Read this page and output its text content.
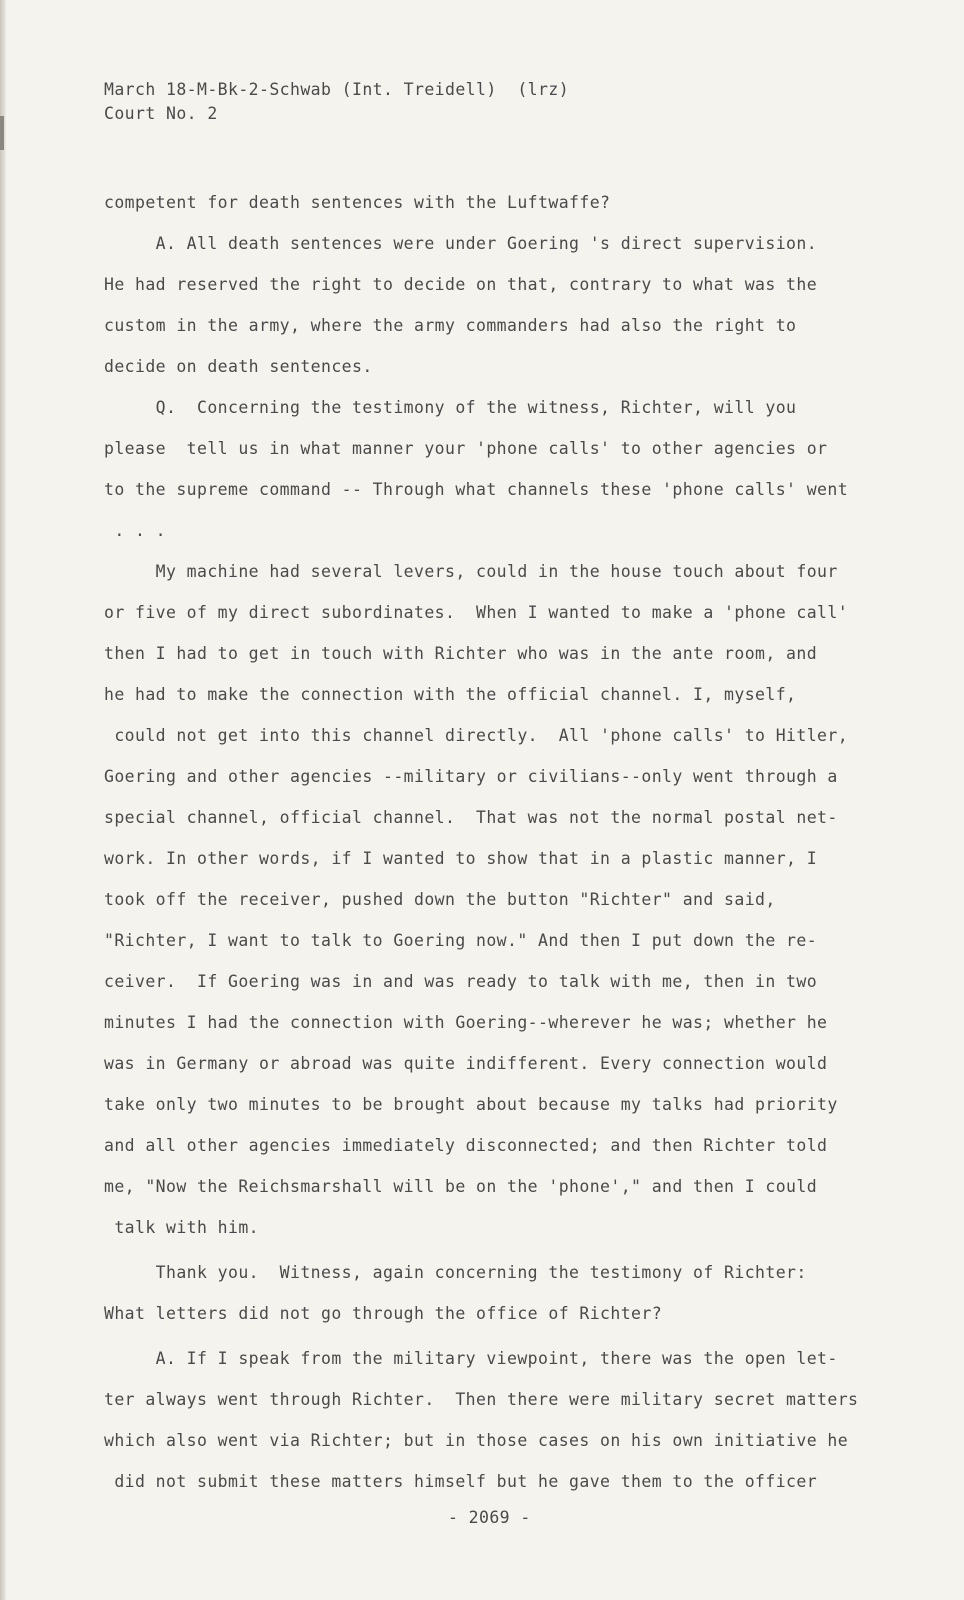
March 18-M-Bk-2-Schwab (Int. Treidell)  (lrz)
Court No. 2
competent for death sentences with the Luftwaffe?
A. All death sentences were under Goering 's direct supervision.
He had reserved the right to decide on that, contrary to what was the
custom in the army, where the army commanders had also the right to
decide on death sentences.
Q.  Concerning the testimony of the witness, Richter, will you
please  tell us in what manner your 'phone calls' to other agencies or
to the supreme command -- Through what channels these 'phone calls' went
. . .
My machine had several levers, could in the house touch about four
or five of my direct subordinates.  When I wanted to make a 'phone call'
then I had to get in touch with Richter who was in the ante room, and
he had to make the connection with the official channel. I, myself,
could not get into this channel directly.  All 'phone calls' to Hitler,
Goering and other agencies --military or civilians--only went through a
special channel, official channel.  That was not the normal postal net-
work. In other words, if I wanted to show that in a plastic manner, I
took off the receiver, pushed down the button "Richter" and said,
"Richter, I want to talk to Goering now." And then I put down the re-
ceiver.  If Goering was in and was ready to talk with me, then in two
minutes I had the connection with Goering--wherever he was; whether he
was in Germany or abroad was quite indifferent. Every connection would
take only two minutes to be brought about because my talks had priority
and all other agencies immediately disconnected; and then Richter told
me, "Now the Reichsmarshall will be on the 'phone'," and then I could
talk with him.
Thank you.  Witness, again concerning the testimony of Richter:
What letters did not go through the office of Richter?
A. If I speak from the military viewpoint, there was the open let-
ter always went through Richter.  Then there were military secret matters
which also went via Richter; but in those cases on his own initiative he
did not submit these matters himself but he gave them to the officer
- 2069 -
